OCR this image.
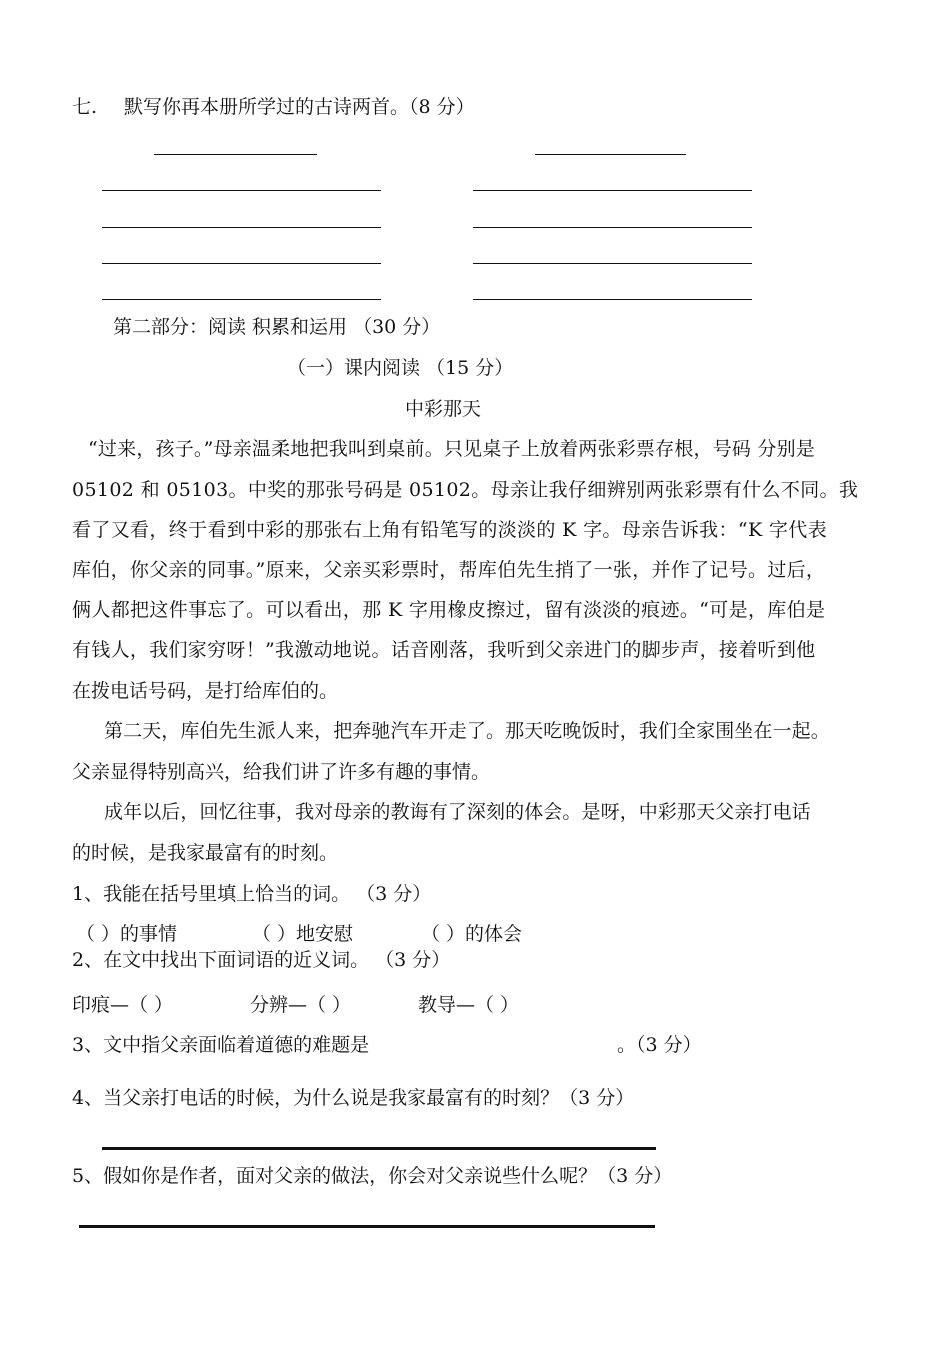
七. 默写你再本册所学过的古诗两首。（8 分）
第二部分：阅读 积累和运用 （30 分）
（一）课内阅读 （15 分）
中彩那天
“过来，孩子。”母亲温柔地把我叫到桌前。只见桌子上放着两张彩票存根，号码 分别是
05102 和 05103。中奖的那张号码是 05102。母亲让我仔细辨别两张彩票有什么不同。我
看了又看，终于看到中彩的那张右上角有铅笔写的淡淡的 K 字。母亲告诉我：“K 字代表
库伯，你父亲的同事。”原来，父亲买彩票时，帮库伯先生捎了一张，并作了记号。过后，
俩人都把这件事忘了。可以看出，那 K 字用橡皮擦过，留有淡淡的痕迹。“可是，库伯是
有钱人，我们家穷呀！”我激动地说。话音刚落，我听到父亲进门的脚步声，接着听到他
在拨电话号码，是打给库伯的。
第二天，库伯先生派人来，把奔驰汽车开走了。那天吃晚饭时，我们全家围坐在一起。
父亲显得特别高兴，给我们讲了许多有趣的事情。
成年以后，回忆往事，我对母亲的教诲有了深刻的体会。是呀，中彩那天父亲打电话
的时候，是我家最富有的时刻。
1、我能在括号里填上恰当的词。 （3 分）
（ ）的事情	（ ）地安慰	（ ）的体会
2、在文中找出下面词语的近义词。 （3 分）
印痕—（ ）	分辨—（ ）	教导—（ ）
3、文中指父亲面临着道德的难题是	。（3 分）
4、当父亲打电话的时候，为什么说是我家最富有的时刻？（3 分）
5、假如你是作者，面对父亲的做法，你会对父亲说些什么呢？（3 分）
